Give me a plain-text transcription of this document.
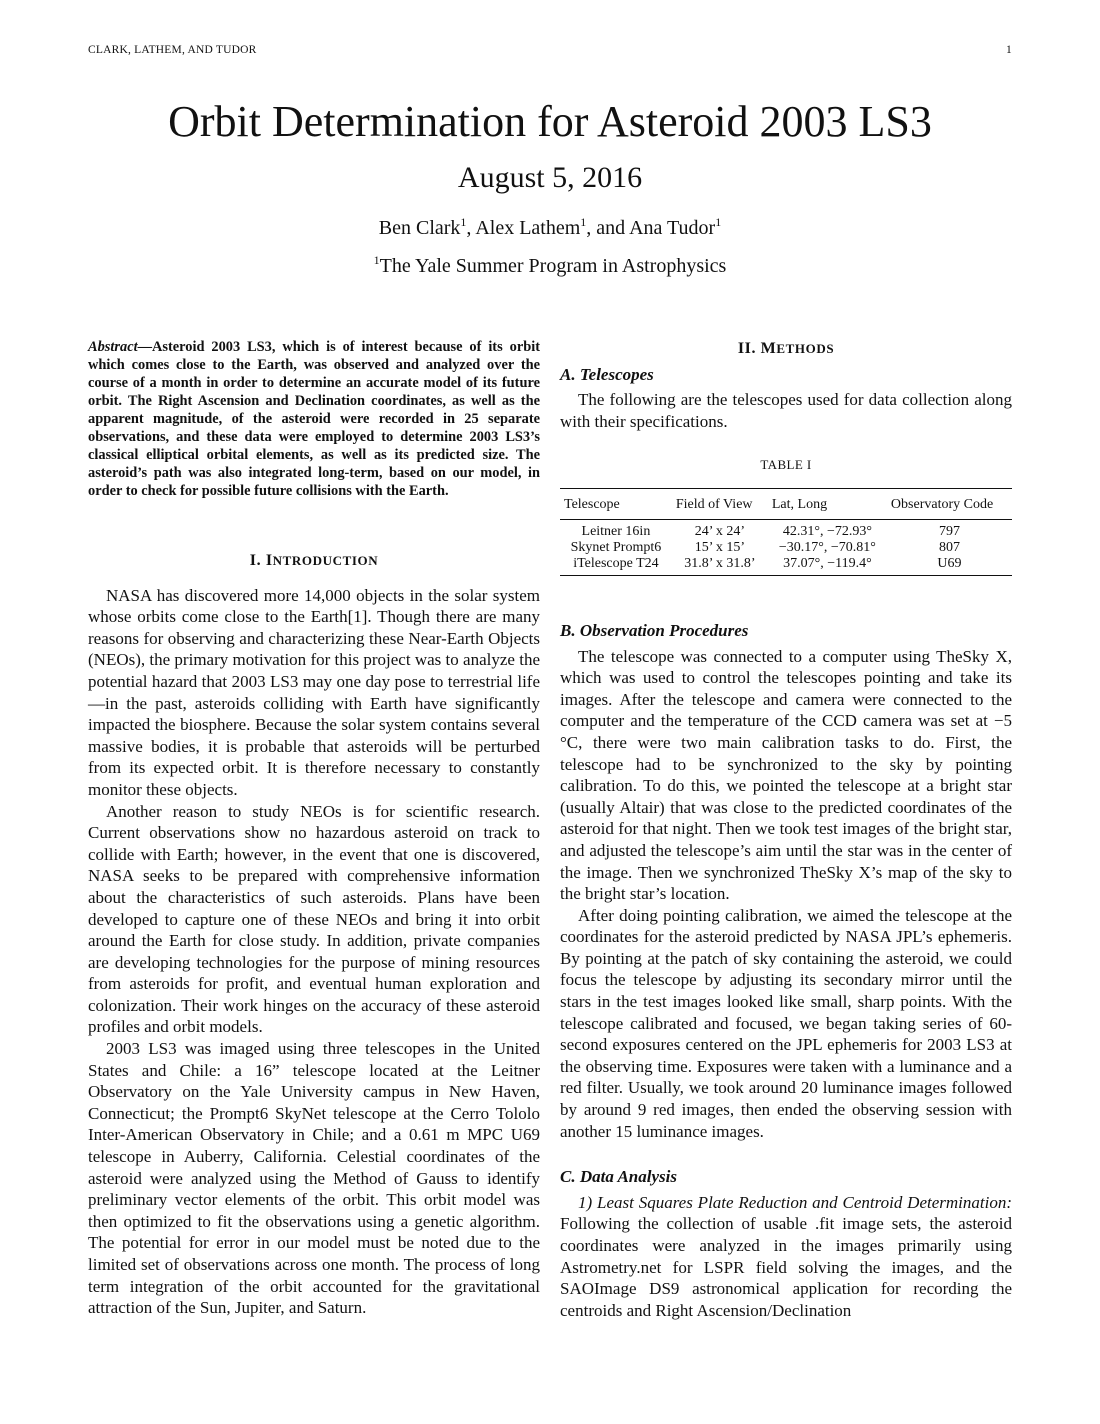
CLARK, LATHEM, AND TUDOR	1
Orbit Determination for Asteroid 2003 LS3
August 5, 2016
Ben Clark$^1$, Alex Lathem$^1$, and Ana Tudor$^1$
$^1$The Yale Summer Program in Astrophysics

Abstract—Asteroid 2003 LS3, which is of interest because of its orbit which comes close to the Earth, was observed and analyzed over the course of a month in order to determine an accurate model of its future orbit. The Right Ascension and Declination coordinates, as well as the apparent magnitude, of the asteroid were recorded in 25 separate observations, and these data were employed to determine 2003 LS3’s classical elliptical orbital elements, as well as its predicted size. The asteroid’s path was also integrated long-term, based on our model, in order to check for possible future collisions with the Earth.

I. INTRODUCTION

NASA has discovered more 14,000 objects in the solar system whose orbits come close to the Earth[1]. Though there are many reasons for observing and characterizing these Near-Earth Objects (NEOs), the primary motivation for this project was to analyze the potential hazard that 2003 LS3 may one day pose to terrestrial life—in the past, asteroids colliding with Earth have significantly impacted the biosphere. Because the solar system contains several massive bodies, it is probable that asteroids will be perturbed from its expected orbit. It is therefore necessary to constantly monitor these objects.

Another reason to study NEOs is for scientific research. Current observations show no hazardous asteroid on track to collide with Earth; however, in the event that one is discovered, NASA seeks to be prepared with comprehensive information about the characteristics of such asteroids. Plans have been developed to capture one of these NEOs and bring it into orbit around the Earth for close study. In addition, private companies are developing technologies for the purpose of mining resources from asteroids for profit, and eventual human exploration and colonization. Their work hinges on the accuracy of these asteroid profiles and orbit models.

2003 LS3 was imaged using three telescopes in the United States and Chile: a 16” telescope located at the Leitner Observatory on the Yale University campus in New Haven, Connecticut; the Prompt6 SkyNet telescope at the Cerro Tololo Inter-American Observatory in Chile; and a 0.61 m MPC U69 telescope in Auberry, California. Celestial coordinates of the asteroid were analyzed using the Method of Gauss to identify preliminary vector elements of the orbit. This orbit model was then optimized to fit the observations using a genetic algorithm. The potential for error in our model must be noted due to the limited set of observations across one month. The process of long term integration of the orbit accounted for the gravitational attraction of the Sun, Jupiter, and Saturn.

II. METHODS
A. Telescopes

The following are the telescopes used for data collection along with their specifications.

TABLE I

Telescope	Field of View	Lat, Long	Observatory Code
Leitner 16in	24’ x 24’	42.31°, −72.93°	797
Skynet Prompt6	15’ x 15’	−30.17°, −70.81°	807
iTelescope T24	31.8’ x 31.8’	37.07°, −119.4°	U69
B. Observation Procedures

The telescope was connected to a computer using TheSky X, which was used to control the telescopes pointing and take its images. After the telescope and camera were connected to the computer and the temperature of the CCD camera was set at −5 °C, there were two main calibration tasks to do. First, the telescope had to be synchronized to the sky by pointing calibration. To do this, we pointed the telescope at a bright star (usually Altair) that was close to the predicted coordinates of the asteroid for that night. Then we took test images of the bright star, and adjusted the telescope’s aim until the star was in the center of the image. Then we synchronized TheSky X’s map of the sky to the bright star’s location.

After doing pointing calibration, we aimed the telescope at the coordinates for the asteroid predicted by NASA JPL’s ephemeris. By pointing at the patch of sky containing the asteroid, we could focus the telescope by adjusting its secondary mirror until the stars in the test images looked like small, sharp points. With the telescope calibrated and focused, we began taking series of 60-second exposures centered on the JPL ephemeris for 2003 LS3 at the observing time. Exposures were taken with a luminance and a red filter. Usually, we took around 20 luminance images followed by around 9 red images, then ended the observing session with another 15 luminance images.

C. Data Analysis

1) Least Squares Plate Reduction and Centroid Determination: Following the collection of usable .fit image sets, the asteroid coordinates were analyzed in the images primarily using Astrometry.net for LSPR field solving the images, and the SAOImage DS9 astronomical application for recording the centroids and Right Ascension/Declination
